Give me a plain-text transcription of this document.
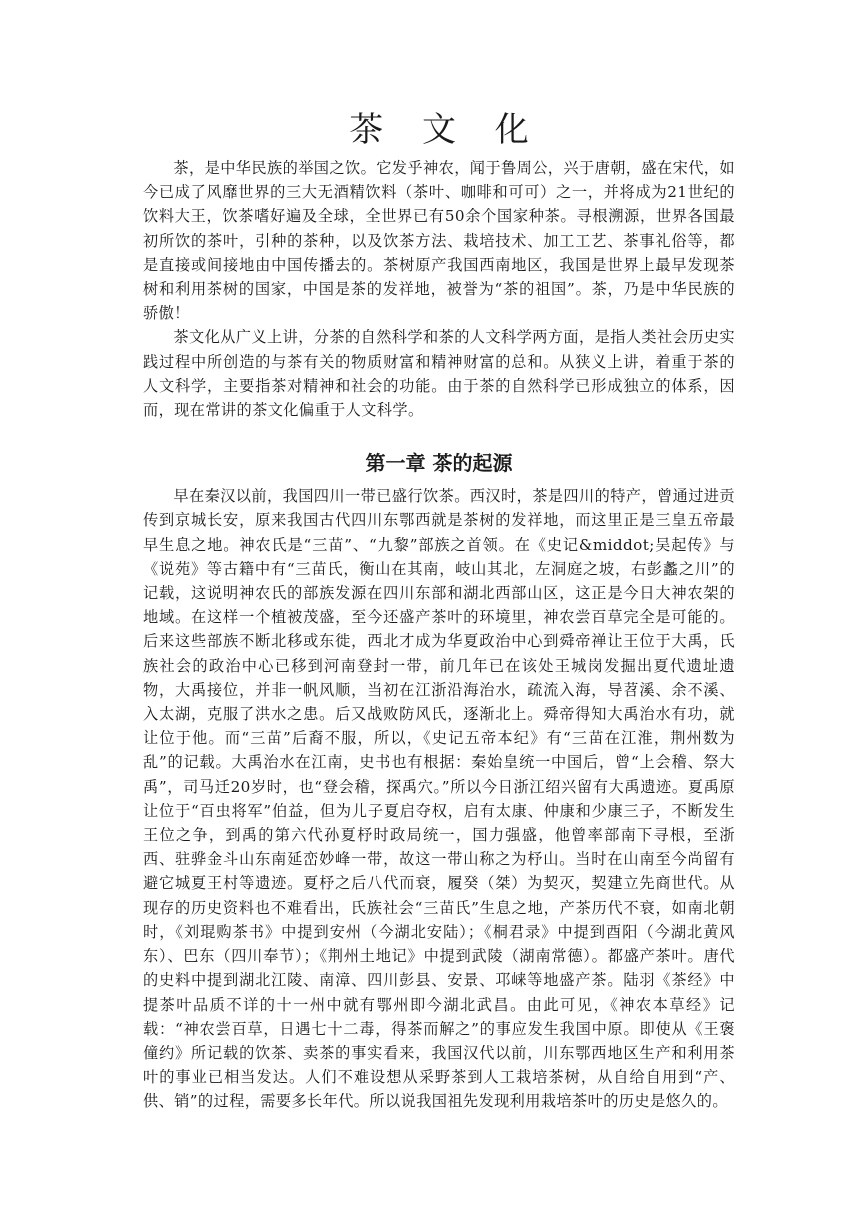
茶 文 化

茶，是中华民族的举国之饮。它发乎神农，闻于鲁周公，兴于唐朝，盛在宋代，如今已成了风靡世界的三大无酒精饮料（茶叶、咖啡和可可）之一，并将成为21世纪的饮料大王，饮茶嗜好遍及全球，全世界已有50余个国家种茶。寻根溯源，世界各国最初所饮的茶叶，引种的茶种，以及饮茶方法、栽培技术、加工工艺、茶事礼俗等，都是直接或间接地由中国传播去的。茶树原产我国西南地区，我国是世界上最早发现茶树和利用茶树的国家，中国是茶的发祥地，被誉为“茶的祖国”。茶，乃是中华民族的骄傲！

茶文化从广义上讲，分茶的自然科学和茶的人文科学两方面，是指人类社会历史实践过程中所创造的与茶有关的物质财富和精神财富的总和。从狭义上讲，着重于茶的人文科学，主要指茶对精神和社会的功能。由于茶的自然科学已形成独立的体系，因而，现在常讲的茶文化偏重于人文科学。

第一章 茶的起源

早在秦汉以前，我国四川一带已盛行饮茶。西汉时，茶是四川的特产，曾通过进贡传到京城长安，原来我国古代四川东鄂西就是茶树的发祥地，而这里正是三皇五帝最早生息之地。神农氏是“三苗”、“九黎”部族之首领。在《史记&middot;吴起传》与《说苑》等古籍中有“三苗氏，衡山在其南，岐山其北，左洞庭之坡，右彭蠡之川”的记载，这说明神农氏的部族发源在四川东部和湖北西部山区，这正是今日大神农架的地域。在这样一个植被茂盛，至今还盛产茶叶的环境里，神农尝百草完全是可能的。后来这些部族不断北移或东徙，西北才成为华夏政治中心到舜帝禅让王位于大禹，氏族社会的政治中心已移到河南登封一带，前几年已在该处王城岗发掘出夏代遗址遗物，大禹接位，并非一帆风顺，当初在江浙沿海治水，疏流入海，导苕溪、余不溪、入太湖，克服了洪水之患。后又战败防风氏，逐渐北上。舜帝得知大禹治水有功，就让位于他。而“三苗”后裔不服，所以，《史记五帝本纪》有“三苗在江淮，荆州数为乱”的记载。大禹治水在江南，史书也有根据：秦始皇统一中国后，曾“上会稽、祭大禹”，司马迁20岁时，也“登会稽，探禹穴。”所以今日浙江绍兴留有大禹遗迹。夏禹原让位于“百虫将军”伯益，但为儿子夏启夺权，启有太康、仲康和少康三子，不断发生王位之争，到禹的第六代孙夏杼时政局统一，国力强盛，他曾率部南下寻根，至浙西、驻骅金斗山东南延峦妙峰一带，故这一带山称之为杼山。当时在山南至今尚留有避它城夏王村等遗迹。夏杼之后八代而衰，履癸（桀）为契灭，契建立先商世代。从现存的历史资料也不难看出，氏族社会“三苗氏”生息之地，产茶历代不衰，如南北朝时，《刘琨购茶书》中提到安州（今湖北安陆）；《桐君录》中提到酉阳（今湖北黄风东）、巴东（四川奉节）；《荆州土地记》中提到武陵（湖南常德）。都盛产茶叶。唐代的史料中提到湖北江陵、南漳、四川彭县、安景、邛崃等地盛产茶。陆羽《茶经》中提茶叶品质不详的十一州中就有鄂州即今湖北武昌。由此可见，《神农本草经》记载：“神农尝百草，日遇七十二毒，得茶而解之”的事应发生我国中原。即使从《王褒僮约》所记载的饮茶、卖茶的事实看来，我国汉代以前，川东鄂西地区生产和利用茶叶的事业已相当发达。人们不难设想从采野茶到人工栽培茶树，从自给自用到“产、供、销”的过程，需要多长年代。所以说我国祖先发现利用栽培茶叶的历史是悠久的。
